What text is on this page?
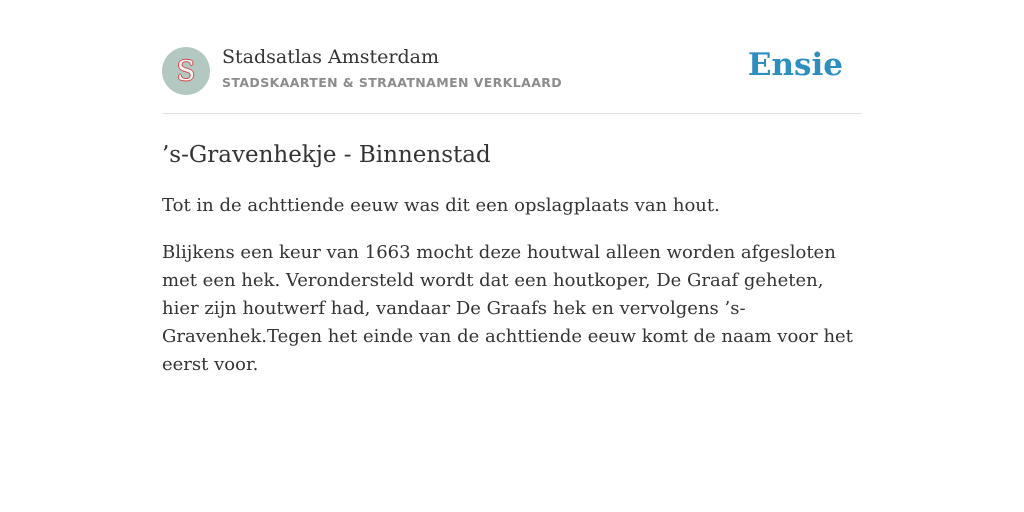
S Stadsatlas Amsterdam
STADSKAARTEN & STRAATNAMEN VERKLAARD	Ensie
’s-Gravenhekje - Binnenstad

Tot in de achttiende eeuw was dit een opslagplaats van hout.

Blijkens een keur van 1663 mocht deze houtwal alleen worden afgesloten met een hek. Verondersteld wordt dat een houtkoper, De Graaf geheten, hier zijn houtwerf had, vandaar De Graafs hek en vervolgens ’s-Gravenhek.Tegen het einde van de achttiende eeuw komt de naam voor het eerst voor.
